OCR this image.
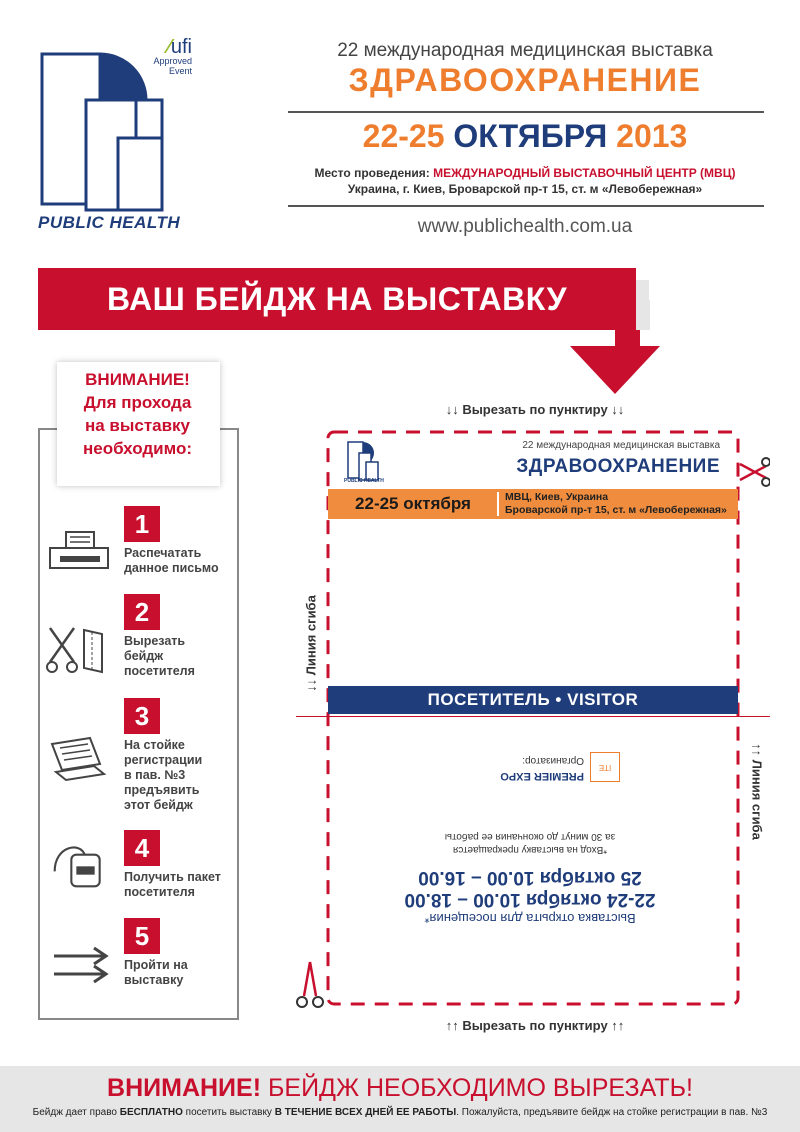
⁄ufi
Approved
Event
PUBLIC HEALTH
22 международная медицинская выставка
ЗДРАВООХРАНЕНИЕ
22-25 ОКТЯБРЯ 2013
Место проведения: МЕЖДУНАРОДНЫЙ ВЫСТАВОЧНЫЙ ЦЕНТР (МВЦ)
Украина, г. Киев, Броварской пр-т 15, ст. м «Левобережная»
www.publichealth.com.ua
ВАШ БЕЙДЖ НА ВЫСТАВКУ
ВНИМАНИЕ!
Для прохода
на выставку
необходимо:
1
Распечатать
данное письмо
2
Вырезать
бейдж
посетителя
3
На стойке
регистрации
в пав. №3
предъявить
этот бейдж
4
Получить пакет
посетителя
5
Пройти на
выставку
↓↓ Вырезать по пунктиру ↓↓
↑↑ Вырезать по пунктиру ↑↑
PUBLIC HEALTH
22 международная медицинская выставка
ЗДРАВООХРАНЕНИЕ
22-25 октября	МВЦ, Киев, Украина
Броварской пр-т 15, ст. м «Левобережная»
↓↓ Линия сгиба
ПОСЕТИТЕЛЬ • VISITOR
↑↑ Линия сгиба
ITE
PREMIER EXPO
Организатор:
Выставка открыта для посещения*
22-24 октября 10.00 – 18.00
25 октября 10.00 – 16.00
*Вход на выставку прекращается
за 30 минут до окончания ее работы
ВНИМАНИЕ! БЕЙДЖ НЕОБХОДИМО ВЫРЕЗАТЬ!
Бейдж дает право БЕСПЛАТНО посетить выставку В ТЕЧЕНИЕ ВСЕХ ДНЕЙ ЕЕ РАБОТЫ. Пожалуйста, предъявите бейдж на стойке регистрации в пав. №3
